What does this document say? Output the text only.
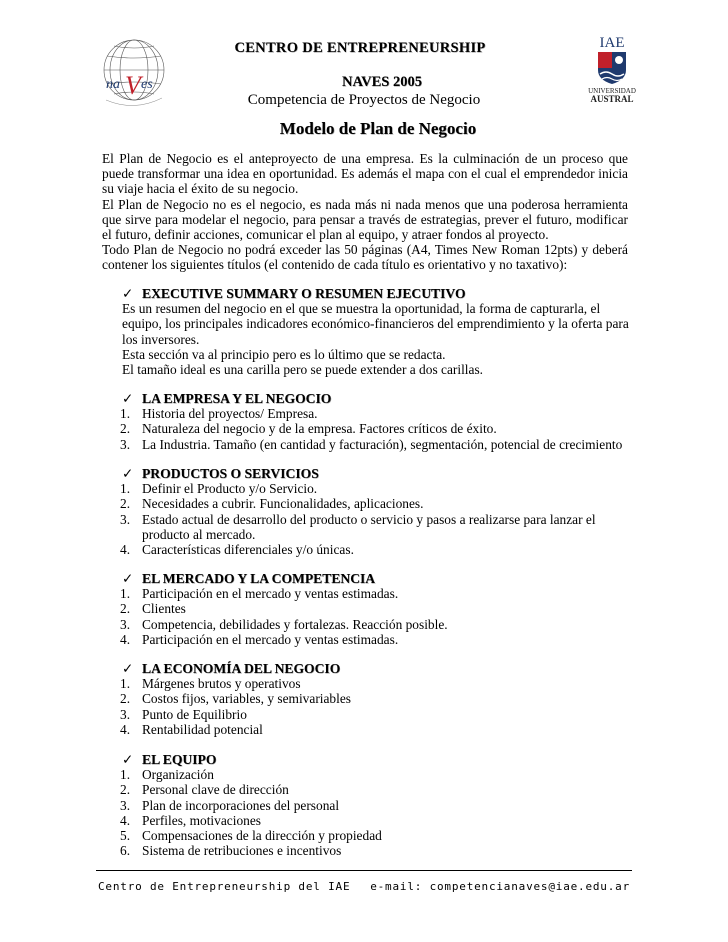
na V es
IAE
UNIVERSIDAD
AUSTRAL
CENTRO DE ENTREPRENEURSHIP
NAVES 2005
Competencia de Proyectos de Negocio
Modelo de Plan de Negocio

El Plan de Negocio es el anteproyecto de una empresa. Es la culminación de un proceso que puede transformar una idea en oportunidad. Es además el mapa con el cual el emprendedor inicia su viaje hacia el éxito de su negocio.

El Plan de Negocio no es el negocio, es nada más ni nada menos que una poderosa herramienta que sirve para modelar el negocio, para pensar a través de estrategias, prever el futuro, modificar el futuro, definir acciones, comunicar el plan al equipo, y atraer fondos al proyecto.

Todo Plan de Negocio no podrá exceder las 50 páginas (A4, Times New Roman 12pts) y deberá contener los siguientes títulos (el contenido de cada título es orientativo y no taxativo):

✓ EXECUTIVE SUMMARY O RESUMEN EJECUTIVO

Es un resumen del negocio en el que se muestra la oportunidad, la forma de capturarla, el equipo, los principales indicadores económico-financieros del emprendimiento y la oferta para los inversores.

Esta sección va al principio pero es lo último que se redacta.

El tamaño ideal es una carilla pero se puede extender a dos carillas.

✓ LA EMPRESA Y EL NEGOCIO
1. Historia del proyectos/ Empresa.
2. Naturaleza del negocio y de la empresa. Factores críticos de éxito.
3. La Industria. Tamaño (en cantidad y facturación), segmentación, potencial de crecimiento
✓ PRODUCTOS O SERVICIOS
1. Definir el Producto y/o Servicio.
2. Necesidades a cubrir. Funcionalidades, aplicaciones.
3. Estado actual de desarrollo del producto o servicio y pasos a realizarse para lanzar el producto al mercado.
4. Características diferenciales y/o únicas.
✓ EL MERCADO Y LA COMPETENCIA
1. Participación en el mercado y ventas estimadas.
2. Clientes
3. Competencia, debilidades y fortalezas. Reacción posible.
4. Participación en el mercado y ventas estimadas.
✓ LA ECONOMÍA DEL NEGOCIO
1. Márgenes brutos y operativos
2. Costos fijos, variables, y semivariables
3. Punto de Equilibrio
4. Rentabilidad potencial
✓ EL EQUIPO
1. Organización
2. Personal clave de dirección
3. Plan de incorporaciones del personal
4. Perfiles, motivaciones
5. Compensaciones de la dirección y propiedad
6. Sistema de retribuciones e incentivos
Centro de Entrepreneurship del IAE e-mail: competencianaves@iae.edu.ar
